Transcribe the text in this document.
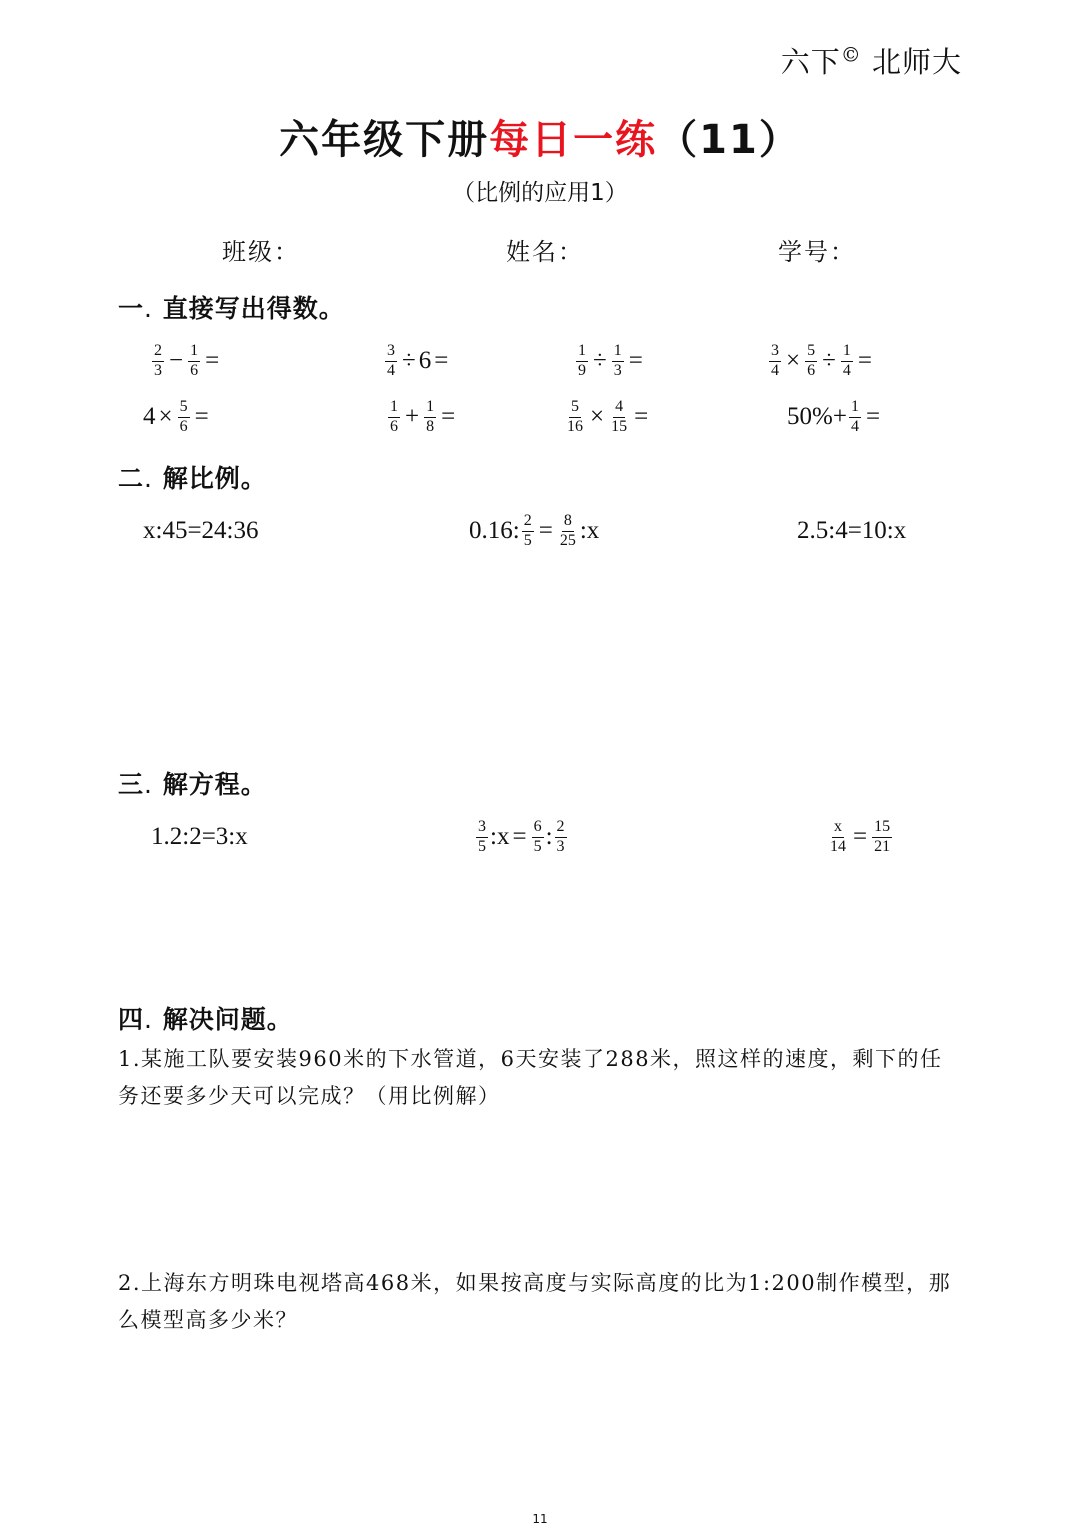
六下© 北师大
六年级下册每日一练（11）
（比例的应用1）
班级：	姓名：	学号：
一. 直接写出得数。
$\frac{2}{3} - \frac{1}{6}$ =	$\frac{3}{4} \div 6$ =	$\frac{1}{9} \div \frac{1}{3}$ =	$\frac{3}{4} \times \frac{5}{6} \div \frac{1}{4}$ =
$4 \times \frac{5}{6}$ =	$\frac{1}{6} + \frac{1}{8}$ =	$\frac{5}{16} \times \frac{4}{15}$ =	$50\%+ \frac{1}{4}$ =
二. 解比例。
x:45=24:36	0.16: $\frac{2}{5} = \frac{8}{25}$ :x	2.5:4=10:x
三. 解方程。
1.2:2=3:x	$\frac{3}{5}$ :x = $\frac{6}{5}$ : $\frac{2}{3}$	$\frac{x}{14} = \frac{15}{21}$
四. 解决问题。
1.某施工队要安装960米的下水管道，6天安装了288米，照这样的速度，剩下的任务还要多少天可以完成？（用比例解）
2.上海东方明珠电视塔高468米，如果按高度与实际高度的比为1:200制作模型，那么模型高多少米？
11
